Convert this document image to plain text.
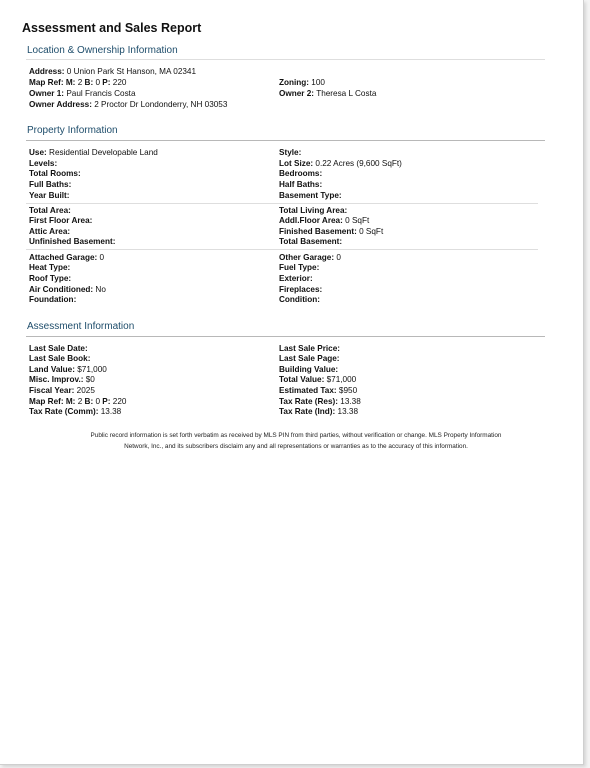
Assessment and Sales Report
Location & Ownership Information
Address: 0 Union Park St Hanson, MA 02341
Map Ref: M: 2 B: 0 P: 220
Owner 1: Paul Francis Costa
Owner Address: 2 Proctor Dr Londonderry, NH 03053
Zoning: 100
Owner 2: Theresa L Costa
Property Information
Use: Residential Developable Land
Levels:
Total Rooms:
Full Baths:
Year Built:
Style:
Lot Size: 0.22 Acres (9,600 SqFt)
Bedrooms:
Half Baths:
Basement Type:
Total Area:
First Floor Area:
Attic Area:
Unfinished Basement:
Total Living Area:
Addl.Floor Area: 0 SqFt
Finished Basement: 0 SqFt
Total Basement:
Attached Garage: 0
Heat Type:
Roof Type:
Air Conditioned: No
Foundation:
Other Garage: 0
Fuel Type:
Exterior:
Fireplaces:
Condition:
Assessment Information
Last Sale Date:
Last Sale Book:
Land Value: $71,000
Misc. Improv.: $0
Fiscal Year: 2025
Map Ref: M: 2 B: 0 P: 220
Tax Rate (Comm): 13.38
Last Sale Price:
Last Sale Page:
Building Value:
Total Value: $71,000
Estimated Tax: $950
Tax Rate (Res): 13.38
Tax Rate (Ind): 13.38
Public record information is set forth verbatim as received by MLS PIN from third parties, without verification or change. MLS Property Information
Network, Inc., and its subscribers disclaim any and all representations or warranties as to the accuracy of this information.
